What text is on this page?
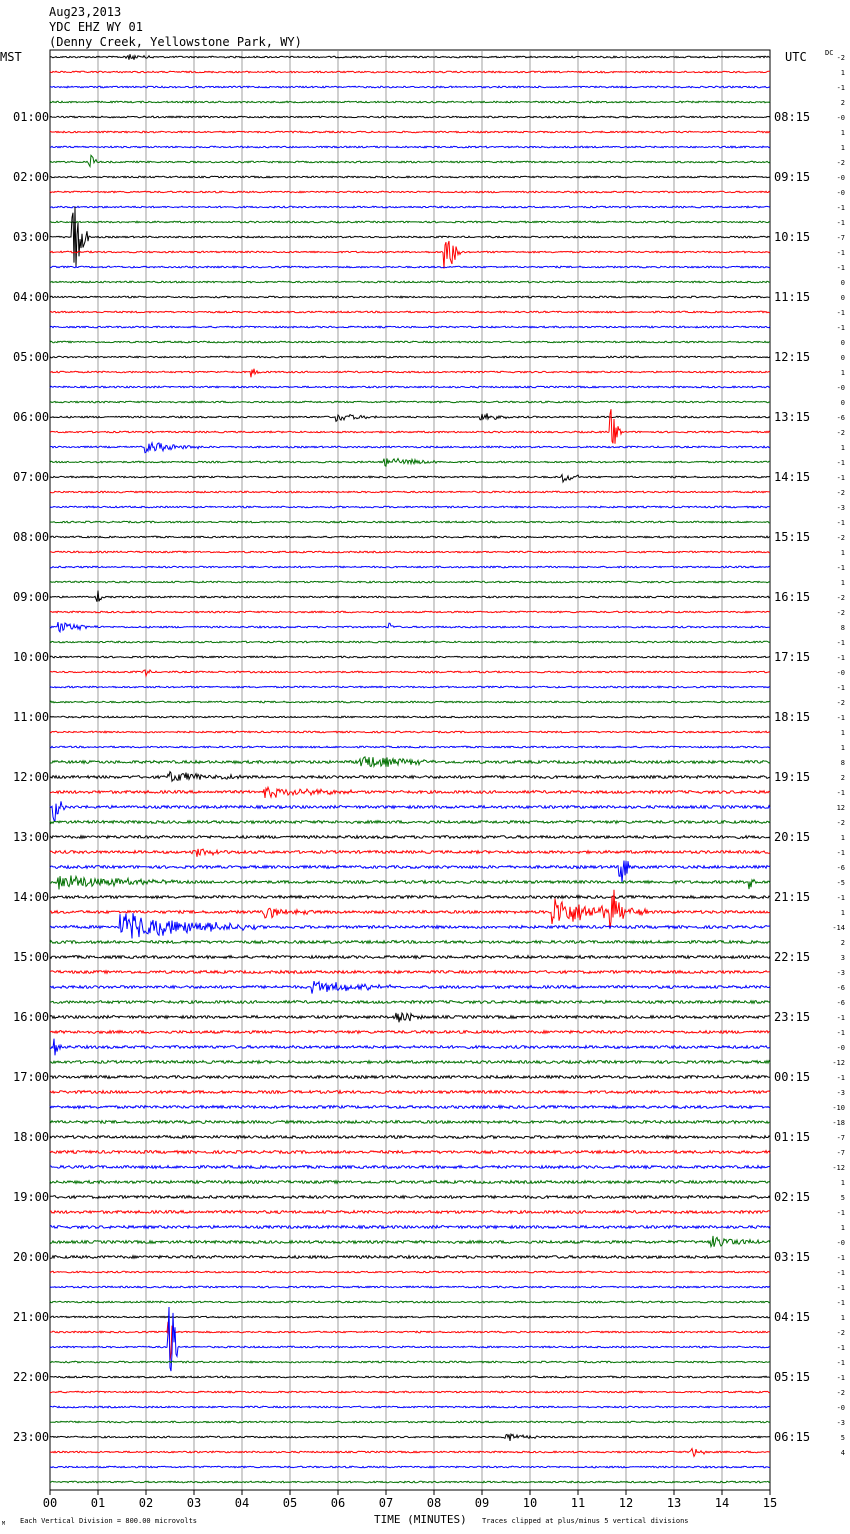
Aug23,2013
YDC EHZ WY 01
(Denny Creek, Yellowstone Park, WY)
MST	UTC	DC
01:00
02:00
03:00
04:00
05:00
06:00
07:00
08:00
09:00
10:00
11:00
12:00
13:00
14:00
15:00
16:00
17:00
18:00
19:00
20:00
21:00
22:00
23:00
08:15
09:15
10:15
11:15
12:15
13:15
14:15
15:15
16:15
17:15
18:15
19:15
20:15
21:15
22:15
23:15
00:15
01:15
02:15
03:15
04:15
05:15
06:15
-2
1
-1
2
-0
1
1
-2
-0
-0
-1
-1
-7
-1
-1
0
0
-1
-1
0
0
1
-0
0
-6
-2
1
-1
-1
-2
-3
-1
-2
1
-1
1
-2
-2
8
-1
-1
-0
-1
-2
-1
1
1
8
2
-1
12
-2
1
-1
-6
-5
-1
1
-14
2
3
-3
-6
-6
-1
-1
-0
-12
-1
-3
-10
-18
-7
-7
-12
1
5
-1
1
-0
-1
-1
-1
-1
1
-2
-1
-1
-1
-2
-0
-3
5
4
00	01	02	03	04	05	06	07	08	09	10	11	12	13	14	15
TIME (MINUTES)
Each Vertical Division = 800.00 microvolts	Traces clipped at plus/minus 5 vertical divisions
M
